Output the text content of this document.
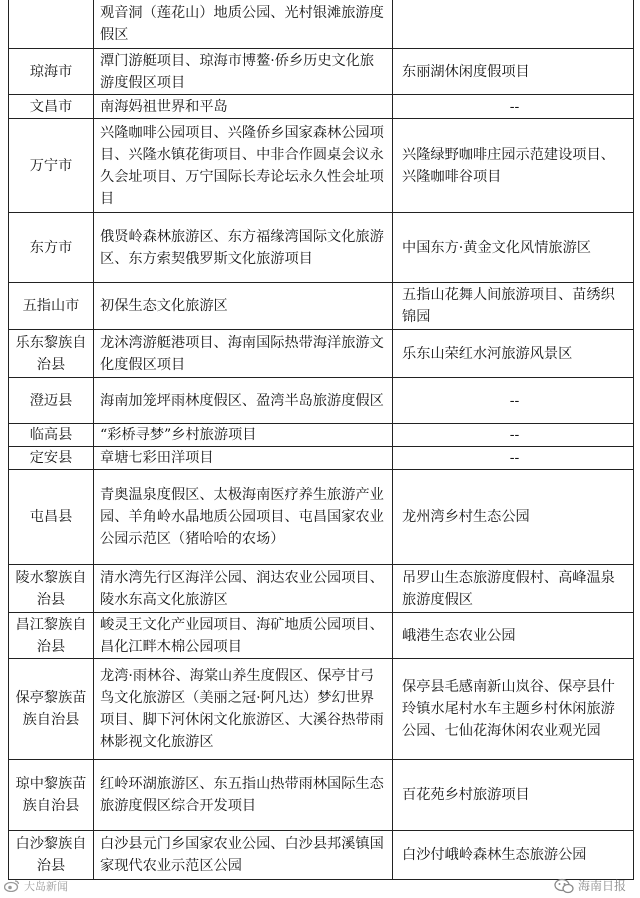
	观音洞（莲花山）地质公园、光村银滩旅游度假区	
琼海市	潭门游艇项目、琼海市博鳌·侨乡历史文化旅游度假区项目	东丽湖休闲度假项目
文昌市	南海妈祖世界和平岛	--
万宁市	兴隆咖啡公园项目、兴隆侨乡国家森林公园项目、兴隆水镇花街项目、中非合作圆桌会议永久会址项目、万宁国际长寿论坛永久性会址项目	兴隆绿野咖啡庄园示范建设项目、兴隆咖啡谷项目
东方市	俄贤岭森林旅游区、东方福缘湾国际文化旅游区、东方索契俄罗斯文化旅游项目	中国东方·黄金文化风情旅游区
五指山市	初保生态文化旅游区	五指山花舞人间旅游项目、苗绣织锦园
乐东黎族自治县	龙沐湾游艇港项目、海南国际热带海洋旅游文化度假区项目	乐东山荣红水河旅游风景区
澄迈县	海南加笼坪雨林度假区、盈湾半岛旅游度假区	--
临高县	“彩桥寻梦”乡村旅游项目	--
定安县	章塘七彩田洋项目	--
屯昌县	青奥温泉度假区、太极海南医疗养生旅游产业园、羊角岭水晶地质公园项目、屯昌国家农业公园示范区（猪哈哈的农场）	龙州湾乡村生态公园
陵水黎族自治县	清水湾先行区海洋公园、润达农业公园项目、陵水东高文化旅游区	吊罗山生态旅游度假村、高峰温泉旅游度假区
昌江黎族自治县	峻灵王文化产业园项目、海矿地质公园项目、昌化江畔木棉公园项目	峨港生态农业公园
保亭黎族苗族自治县	龙湾·雨林谷、海棠山养生度假区、保亭甘弓鸟文化旅游区（美丽之冠·阿凡达）梦幻世界项目、脚下河休闲文化旅游区、大溪谷热带雨林影视文化旅游区	保亭县毛感南新山岚谷、保亭县什玲镇水尾村水车主题乡村休闲旅游公园、七仙花海休闲农业观光园
琼中黎族苗族自治县	红岭环湖旅游区、东五指山热带雨林国际生态旅游度假区综合开发项目	百花苑乡村旅游项目
白沙黎族自治县	白沙县元门乡国家农业公园、白沙县邦溪镇国家现代农业示范区公园	白沙付峨岭森林生态旅游公园
大岛新闻	海南日报
